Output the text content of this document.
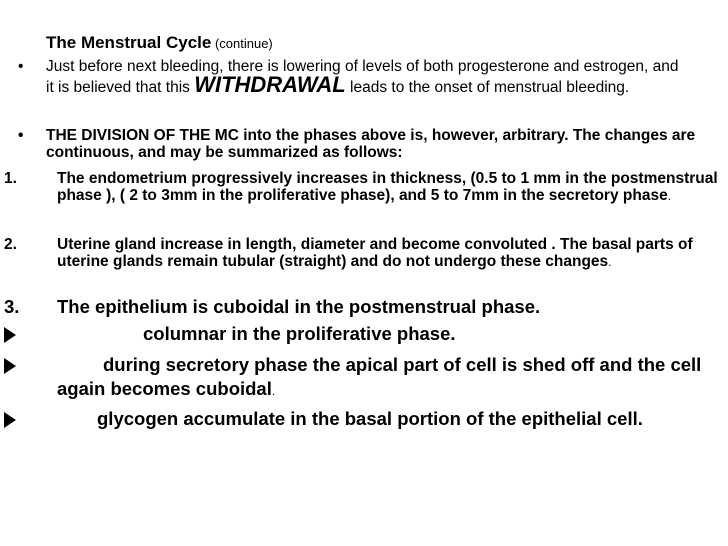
The Menstrual Cycle (continue)
• Just before next bleeding, there is lowering of levels of both progesterone and estrogen, and it is believed that this WITHDRAWAL leads to the onset of menstrual bleeding.
• THE DIVISION OF THE MC into the phases above is, however, arbitrary. The changes are continuous, and may be summarized as follows:
1.	The endometrium progressively increases in thickness, (0.5 to 1 mm in the postmenstrual phase ), ( 2 to 3mm in the proliferative phase), and 5 to 7mm in the secretory phase.
2.	Uterine gland increase in length, diameter and become convoluted . The basal parts of uterine glands remain tubular (straight) and do not undergo these changes.
3. The epithelium is cuboidal in the postmenstrual phase.
columnar in the proliferative phase.
during secretory phase the apical part of cell is shed off and the cell again becomes cuboidal.
glycogen accumulate in the basal portion of the epithelial cell.
